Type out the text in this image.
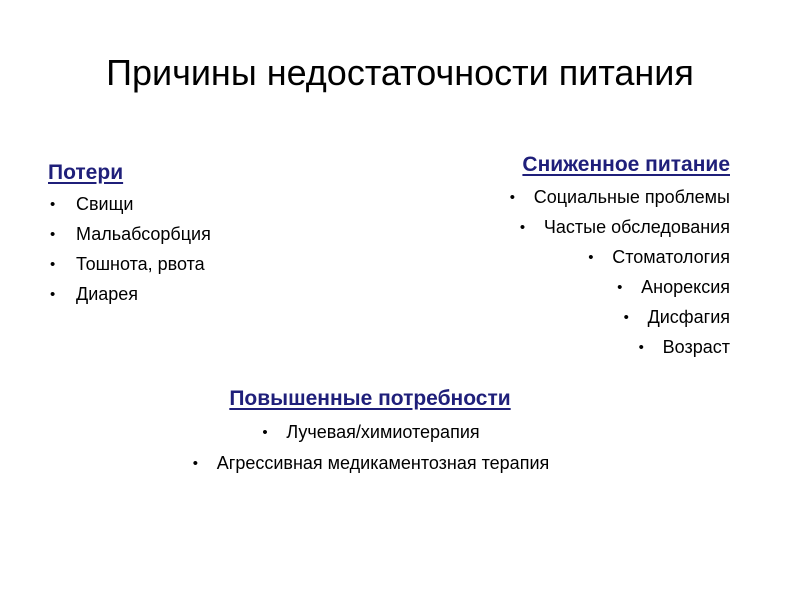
Причины недостаточности питания

Потери

• Свищи
• Мальабсорбция
• Тошнота, рвота
• Диарея

Сниженное питание

• Социальные проблемы
• Частые обследования
• Стоматология
• Анорексия
• Дисфагия
• Возраст

Повышенные потребности

• Лучевая/химиотерапия
• Агрессивная медикаментозная терапия
